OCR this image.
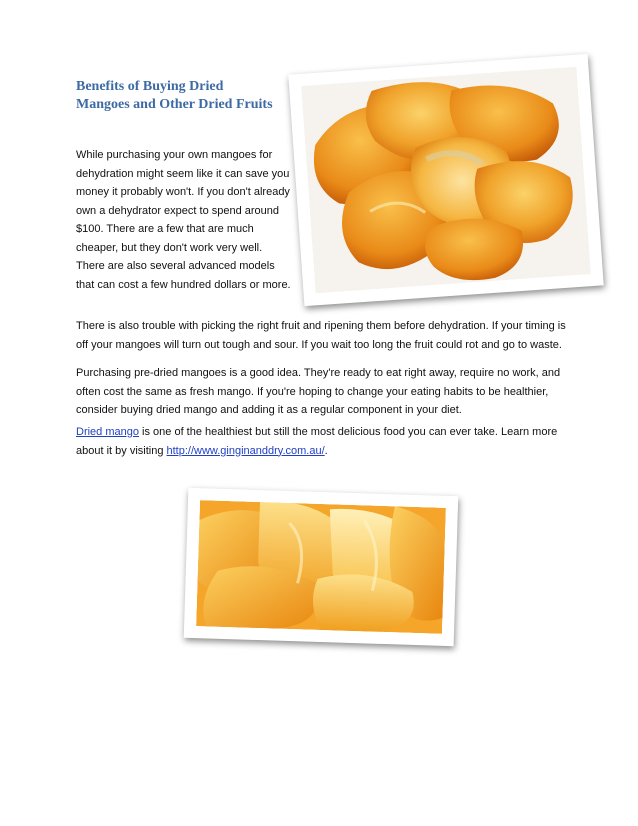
Benefits of Buying Dried Mangoes and Other Dried Fruits

While purchasing your own mangoes for dehydration might seem like it can save you money it probably won't. If you don't already own a dehydrator expect to spend around $100. There are a few that are much cheaper, but they don't work very well. There are also several advanced models that can cost a few hundred dollars or more.

There is also trouble with picking the right fruit and ripening them before dehydration. If your timing is off your mangoes will turn out tough and sour. If you wait too long the fruit could rot and go to waste.

Purchasing pre-dried mangoes is a good idea. They're ready to eat right away, require no work, and often cost the same as fresh mango. If you're hoping to change your eating habits to be healthier, consider buying dried mango and adding it as a regular component in your diet.

Dried mango is one of the healthiest but still the most delicious food you can ever take. Learn more about it by visiting http://www.ginginanddry.com.au/.
